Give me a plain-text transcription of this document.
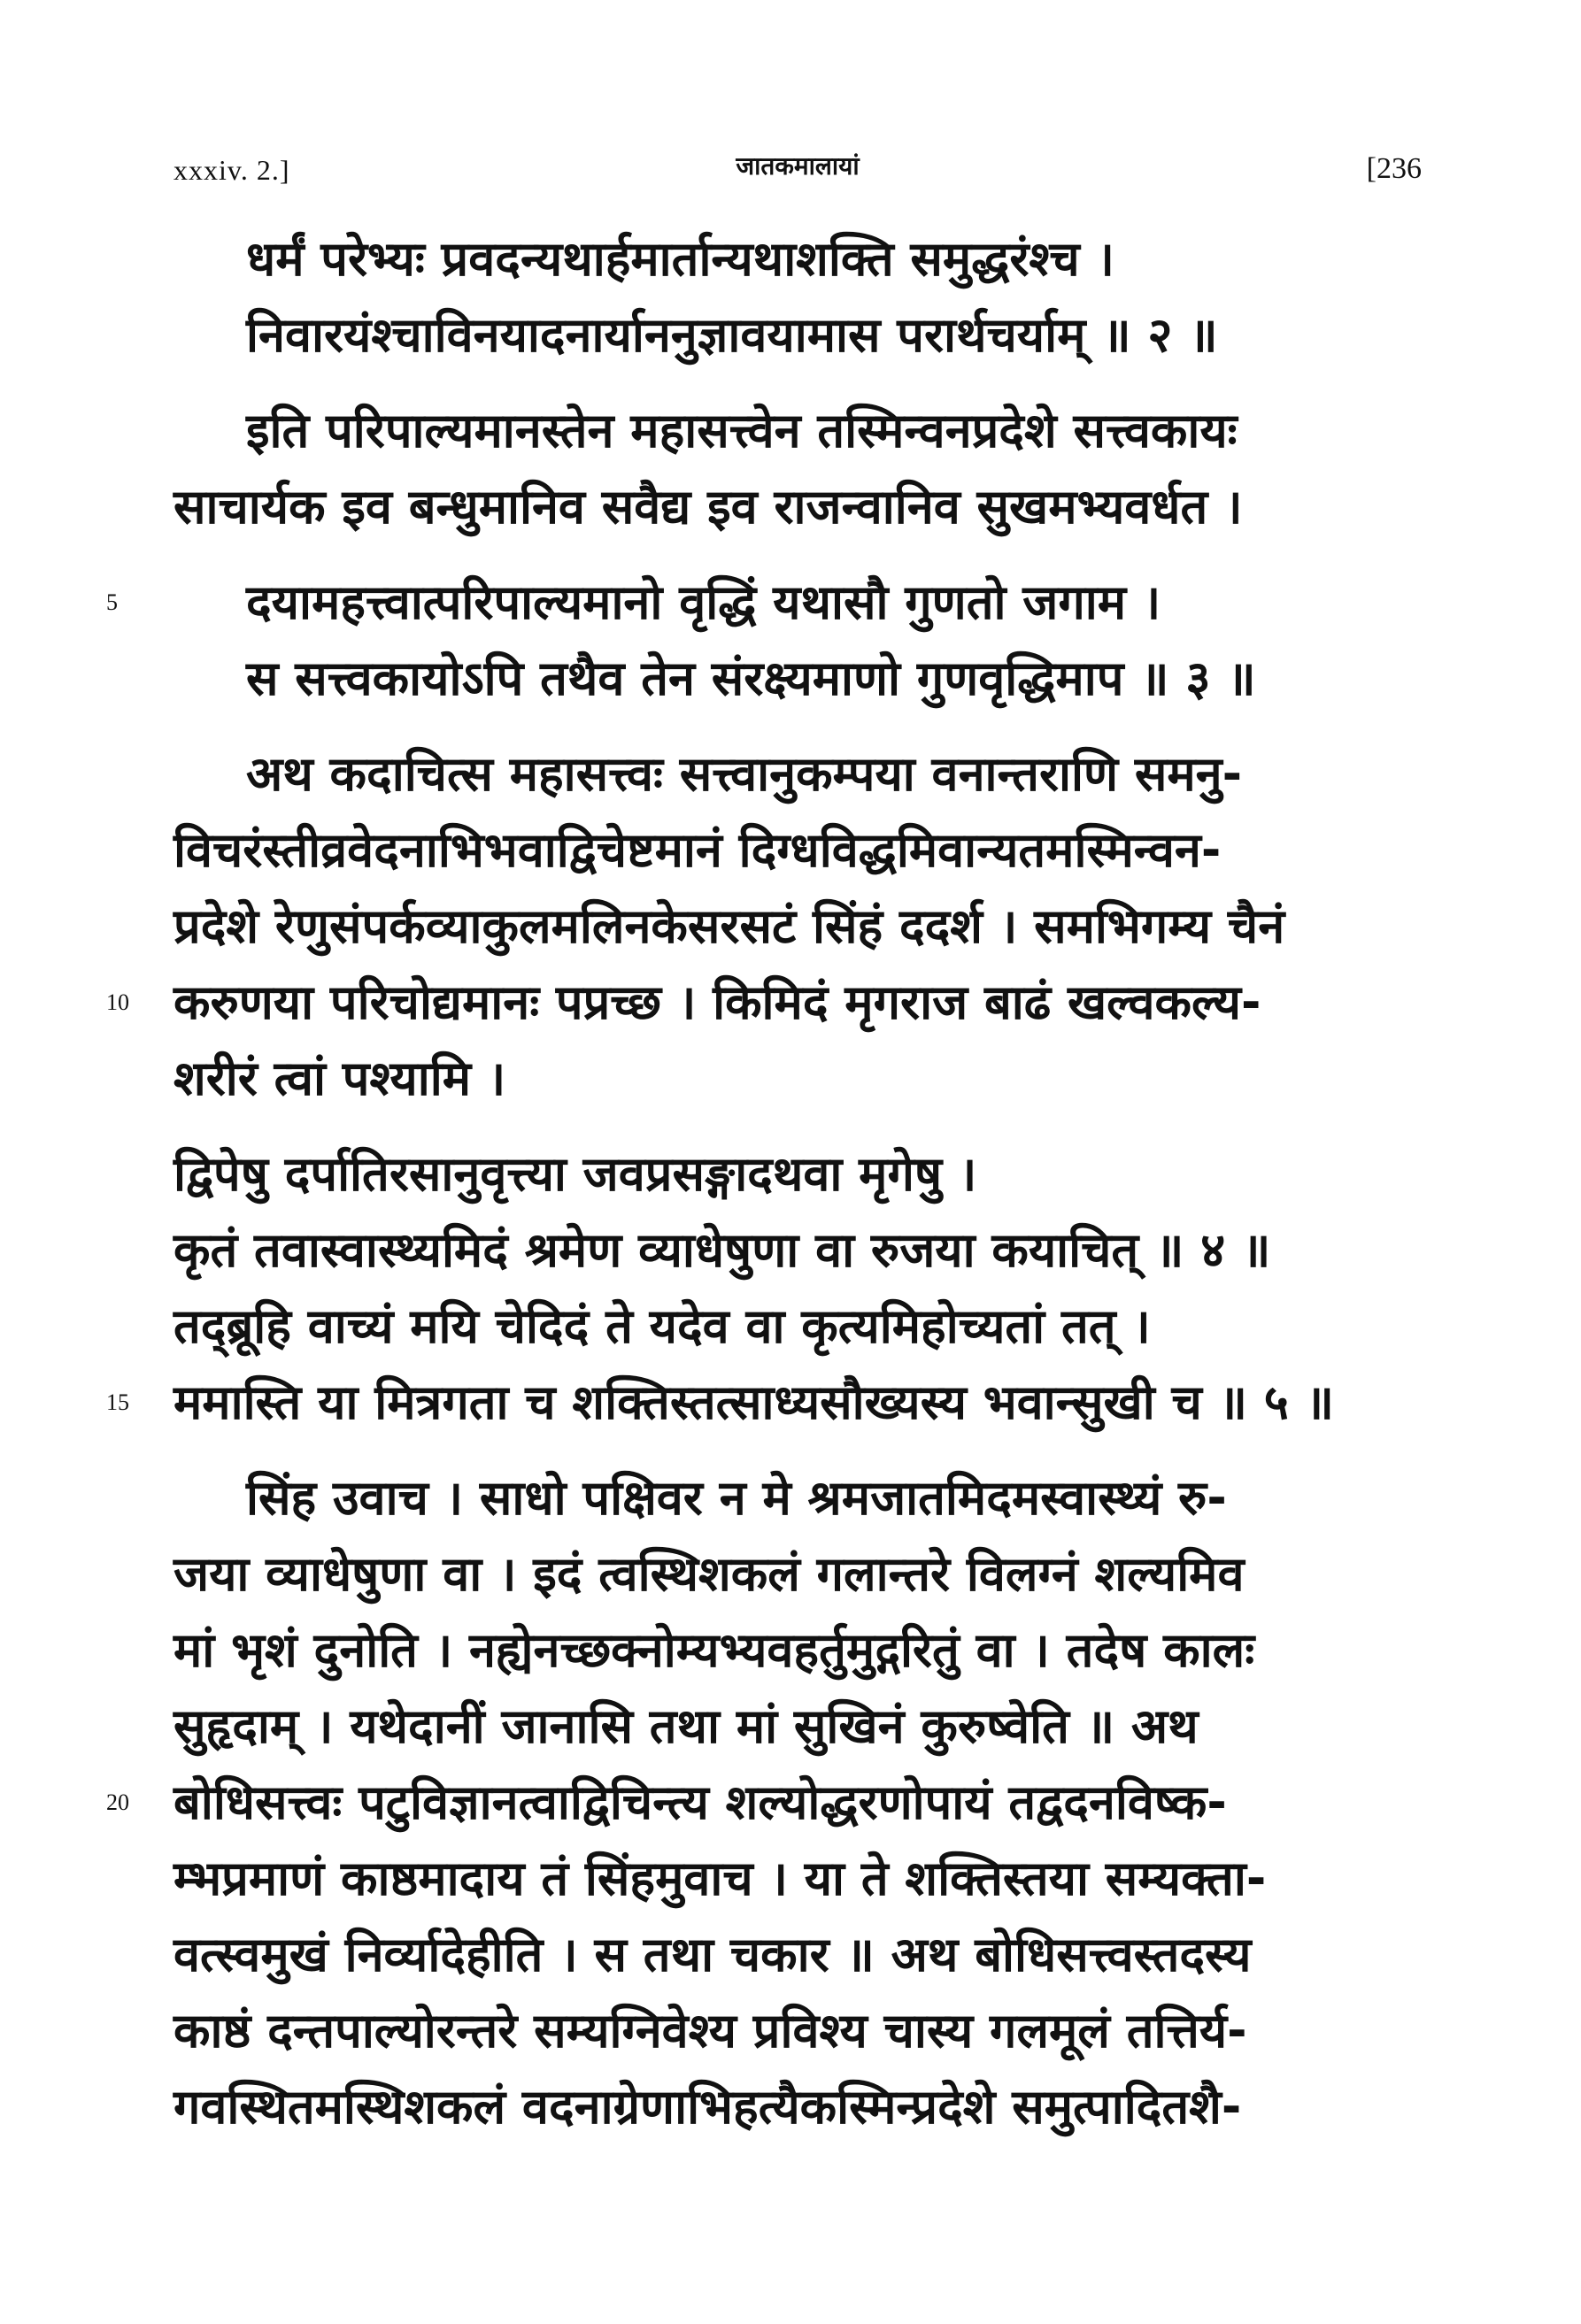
xxxiv. 2.]	जातकमालायां	[236
धर्मं परेभ्यः प्रवदन्यथार्हमार्तान्यथाशक्ति समुद्धरंश्च ।
निवारयंश्चाविनयादनार्याननुज्ञावयामास परार्थचर्याम् ॥ २ ॥
इति परिपाल्यमानस्तेन महासत्त्वेन तस्मिन्वनप्रदेशे सत्त्वकायः
साचार्यक इव बन्धुमानिव सवैद्य इव राजन्वानिव सुखमभ्यवर्धत ।
5	दयामहत्त्वात्परिपाल्यमानो वृद्धिं यथासौ गुणतो जगाम ।
स सत्त्वकायोऽपि तथैव तेन संरक्ष्यमाणो गुणवृद्धिमाप ॥ ३ ॥
अथ कदाचित्स महासत्त्वः सत्त्वानुकम्पया वनान्तराणि समनु-
विचरंस्तीव्रवेदनाभिभवाद्विचेष्टमानं दिग्धविद्धमिवान्यतमस्मिन्वन-
प्रदेशे रेणुसंपर्कव्याकुलमलिनकेसरसटं सिंहं ददर्श । समभिगम्य चैनं
10 करुणया परिचोद्यमानः पप्रच्छ । किमिदं मृगराज बाढं खल्वकल्य-
शरीरं त्वां पश्यामि ।
द्विपेषु दर्पातिरसानुवृत्त्या जवप्रसङ्गादथवा मृगेषु ।
कृतं तवास्वास्थ्यमिदं श्रमेण व्याधेषुणा वा रुजया कयाचित् ॥ ४ ॥
तद्ब्रूहि वाच्यं मयि चेदिदं ते यदेव वा कृत्यमिहोच्यतां तत् ।
15 ममास्ति या मित्रगता च शक्तिस्तत्साध्यसौख्यस्य भवान्सुखी च ॥ ५ ॥
सिंह उवाच । साधो पक्षिवर न मे श्रमजातमिदमस्वास्थ्यं रु-
जया व्याधेषुणा वा । इदं त्वस्थिशकलं गलान्तरे विलग्नं शल्यमिव
मां भृशं दुनोति । नह्येनच्छक्नोम्यभ्यवहर्तुमुद्गरितुं वा । तदेष कालः
सुहृदाम् । यथेदानीं जानासि तथा मां सुखिनं कुरुष्वेति ॥ अथ
20 बोधिसत्त्वः पटुविज्ञानत्वाद्विचिन्त्य शल्योद्धरणोपायं तद्वदनविष्क-
म्भप्रमाणं काष्ठमादाय तं सिंहमुवाच । या ते शक्तिस्तया सम्यक्ता-
वत्स्वमुखं निर्व्यादेहीति । स तथा चकार ॥ अथ बोधिसत्त्वस्तदस्य
काष्ठं दन्तपाल्योरन्तरे सम्यग्निवेश्य प्रविश्य चास्य गलमूलं तत्तिर्य-
गवस्थितमस्थिशकलं वदनाग्रेणाभिहत्यैकस्मिन्प्रदेशे समुत्पादितशै-
